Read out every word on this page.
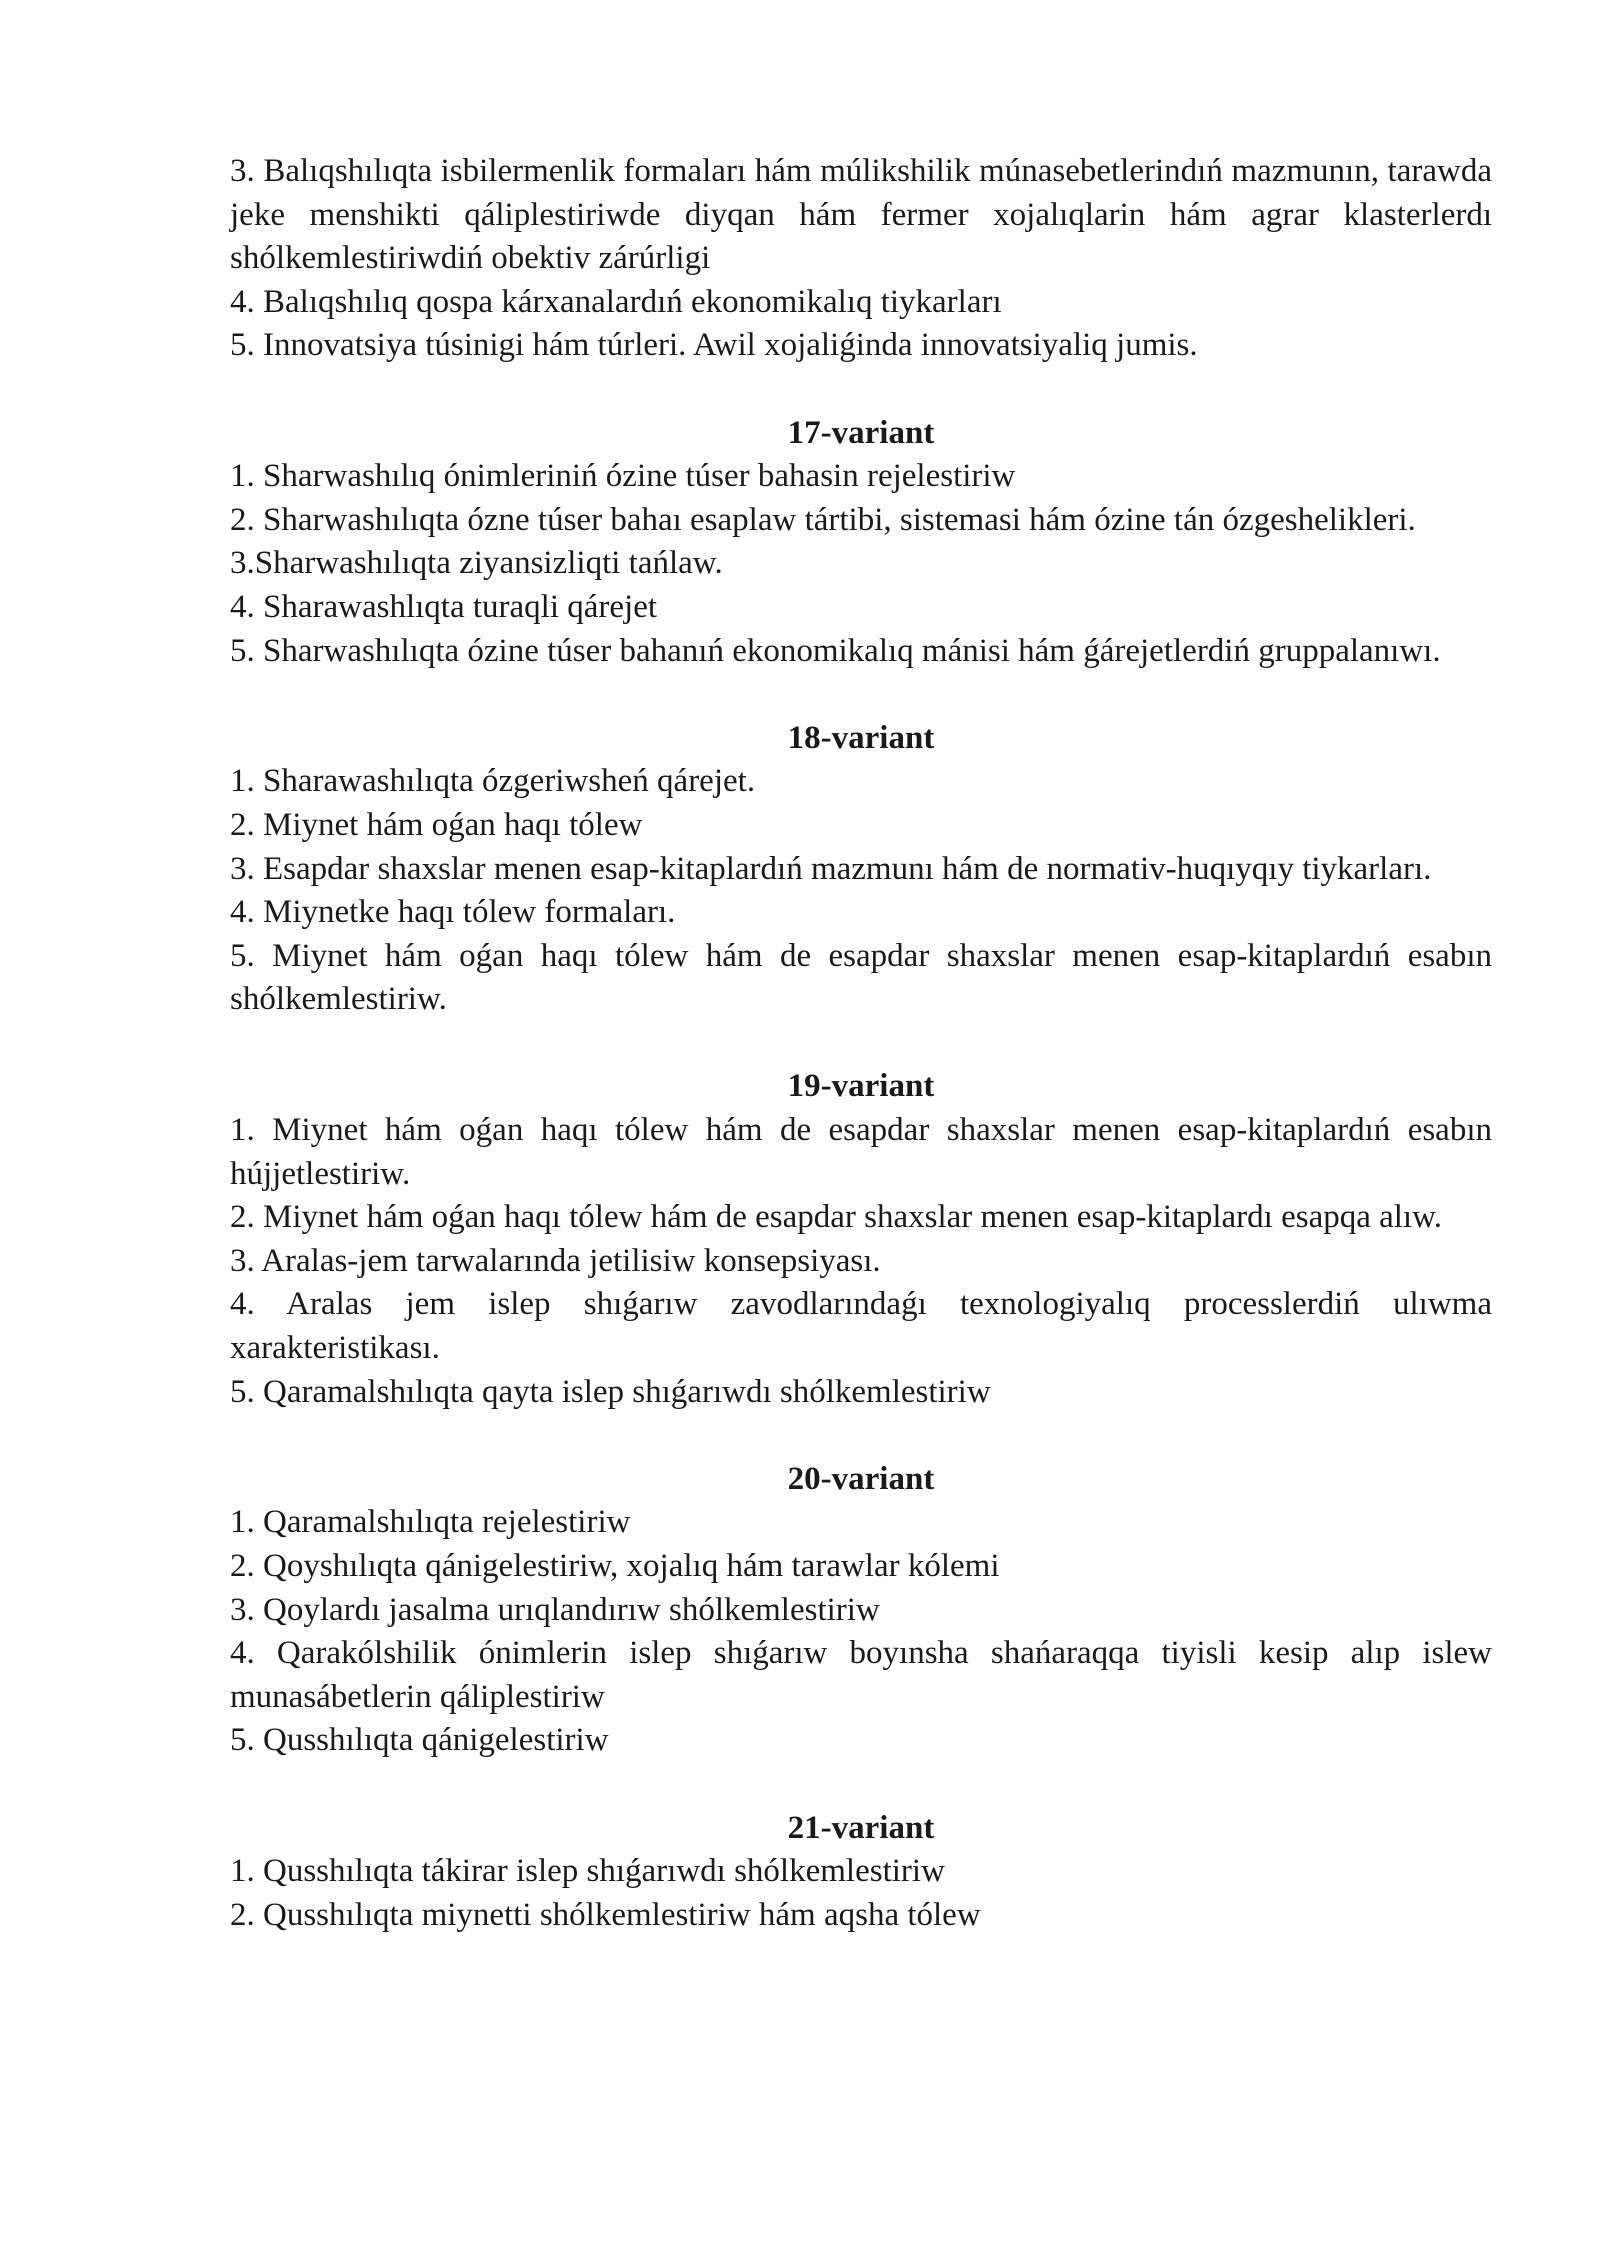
3. Balıqshılıqta isbilermenlik formaları hám múlikshilik múnasebetlerindıń mazmunın, tarawda jeke menshikti qáliplestiriwde diyqan hám fermer xojalıqlarin hám agrar klasterlerdı shólkemlestiriwdiń obektiv zárúrligi

4. Balıqshılıq qospa kárxanalardıń ekonomikalıq tiykarları

5. Innovatsiya túsinigi hám túrleri. Awil xojaliǵinda innovatsiyaliq jumis.

17-variant

1. Sharwashılıq ónimleriniń ózine túser bahasin rejelestiriw

2. Sharwashılıqta ózne túser bahaı esaplaw tártibi, sistemasi hám ózine tán ózgeshelikleri.

3.Sharwashılıqta ziyansizliqti tańlaw.

4. Sharawashlıqta turaqli qárejet

5. Sharwashılıqta ózine túser bahanıń ekonomikalıq mánisi hám ǵárejetlerdiń gruppalanıwı.

18-variant

1. Sharawashılıqta ózgeriwsheń qárejet.

2. Miynet hám oǵan haqı tólew

3. Esapdar shaxslar menen esap-kitaplardıń mazmunı hám de normativ-huqıyqıy tiykarları.

4. Miynetke haqı tólew formaları.

5. Miynet hám oǵan haqı tólew hám de esapdar shaxslar menen esap-kitaplardıń esabın shólkemlestiriw.

19-variant

1. Miynet hám oǵan haqı tólew hám de esapdar shaxslar menen esap-kitaplardıń esabın hújjetlestiriw.

2. Miynet hám oǵan haqı tólew hám de esapdar shaxslar menen esap-kitaplardı esapqa alıw.

3. Aralas-jem tarwalarında jetilisiw konsepsiyası.

4. Aralas jem islep shıǵarıw zavodlarındaǵı texnologiyalıq processlerdiń ulıwma xarakteristikası.

5. Qaramalshılıqta qayta islep shıǵarıwdı shólkemlestiriw

20-variant

1. Qaramalshılıqta rejelestiriw

2. Qoyshılıqta qánigelestiriw, xojalıq hám tarawlar kólemi

3. Qoylardı jasalma urıqlandırıw shólkemlestiriw

4. Qarakólshilik ónimlerin islep shıǵarıw boyınsha shańaraqqa tiyisli kesip alıp islew munasábetlerin qáliplestiriw

5. Qusshılıqta qánigelestiriw

21-variant

1. Qusshılıqta tákirar islep shıǵarıwdı shólkemlestiriw

2. Qusshılıqta miynetti shólkemlestiriw hám aqsha tólew
